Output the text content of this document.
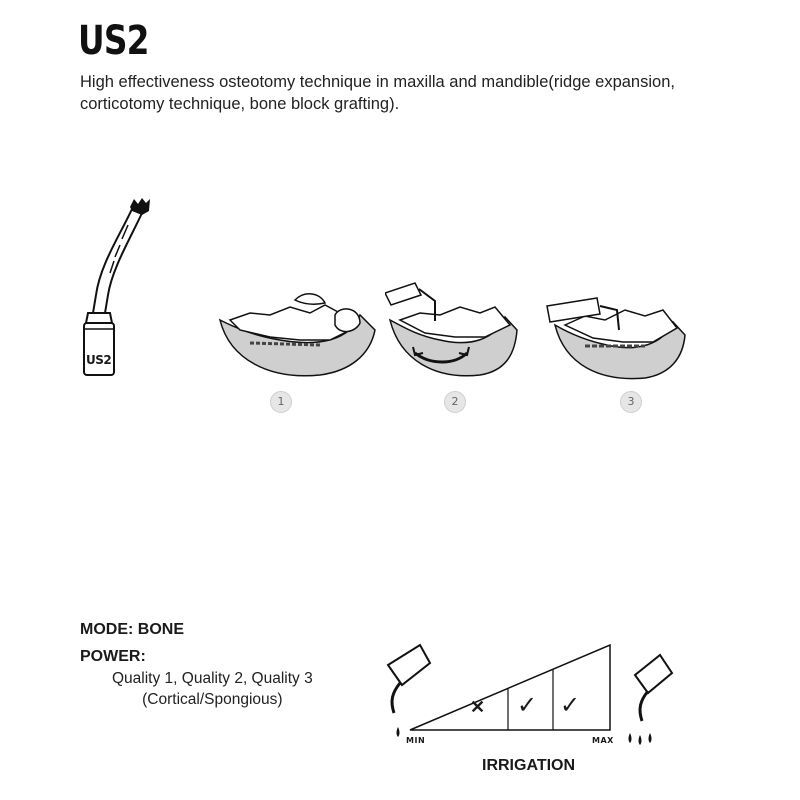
US2
High effectiveness osteotomy technique in maxilla and mandible(ridge expansion, corticotomy technique, bone block grafting).
US2
1	2	3
MODE: BONE
POWER:
Quality 1, Quality 2, Quality 3
(Cortical/Spongious)	✕ ✓ ✓
MIN	MAX
IRRIGATION
